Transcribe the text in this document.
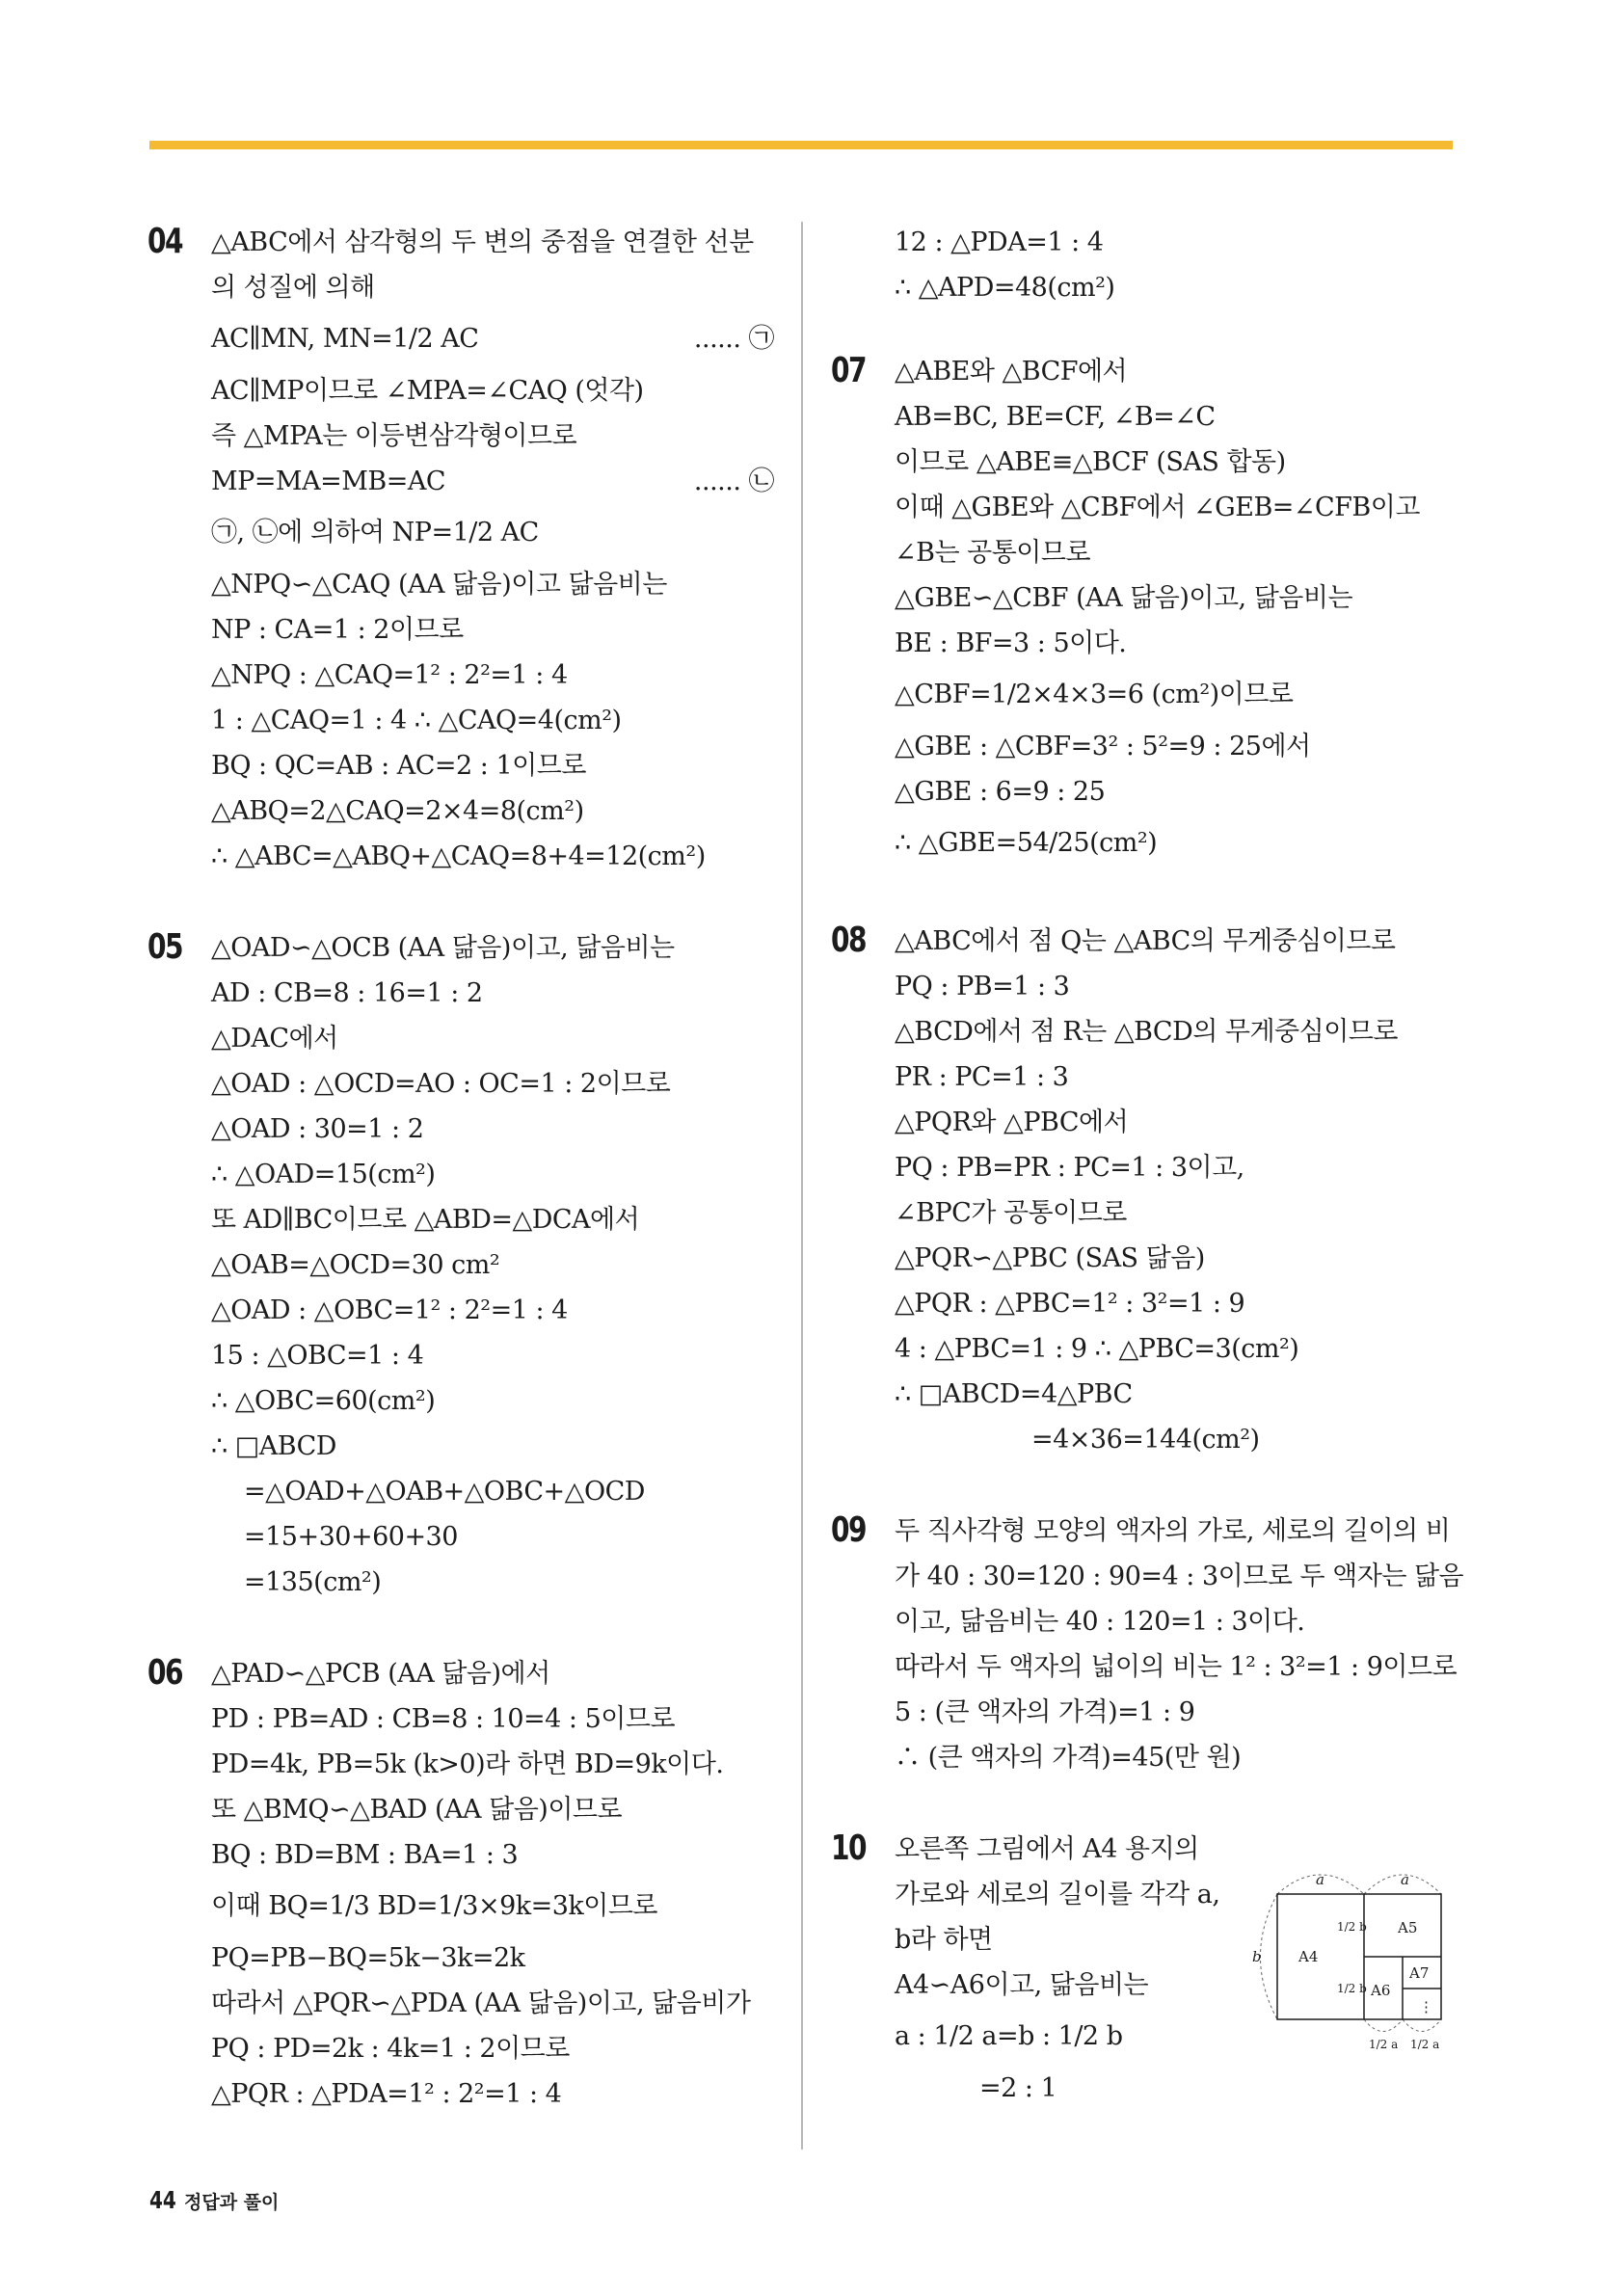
04 △ABC에서 삼각형의 두 변의 중점을 연결한 선분
의 성질에 의해
...... ㉠
AC∥MN, MN=1/2 AC
AC∥MP이므로 ∠MPA=∠CAQ (엇각)
즉 △MPA는 이등변삼각형이므로
...... ㉡
MP=MA=MB=AC
㉠, ㉡에 의하여 NP=1/2 AC
△NPQ∽△CAQ (AA 닮음)이고 닮음비는
NP : CA=1 : 2이므로
△NPQ : △CAQ=1² : 2²=1 : 4
1 : △CAQ=1 : 4 ∴ △CAQ=4(cm²)
BQ : QC=AB : AC=2 : 1이므로
△ABQ=2△CAQ=2×4=8(cm²)
∴ △ABC=△ABQ+△CAQ=8+4=12(cm²)
05 △OAD∽△OCB (AA 닮음)이고, 닮음비는
AD : CB=8 : 16=1 : 2
△DAC에서
△OAD : △OCD=AO : OC=1 : 2이므로
△OAD : 30=1 : 2
∴ △OAD=15(cm²)
또 AD∥BC이므로 △ABD=△DCA에서
△OAB=△OCD=30 cm²
△OAD : △OBC=1² : 2²=1 : 4
15 : △OBC=1 : 4
∴ △OBC=60(cm²)
∴ □ABCD
=△OAD+△OAB+△OBC+△OCD
=15+30+60+30
=135(cm²)
06 △PAD∽△PCB (AA 닮음)에서
PD : PB=AD : CB=8 : 10=4 : 5이므로
PD=4k, PB=5k (k>0)라 하면 BD=9k이다.
또 △BMQ∽△BAD (AA 닮음)이므로
BQ : BD=BM : BA=1 : 3
이때 BQ=1/3 BD=1/3×9k=3k이므로
PQ=PB−BQ=5k−3k=2k
따라서 △PQR∽△PDA (AA 닮음)이고, 닮음비가
PQ : PD=2k : 4k=1 : 2이므로
△PQR : △PDA=1² : 2²=1 : 4
12 : △PDA=1 : 4
∴ △APD=48(cm²)
07 △ABE와 △BCF에서
AB=BC, BE=CF, ∠B=∠C
이므로 △ABE≡△BCF (SAS 합동)
이때 △GBE와 △CBF에서 ∠GEB=∠CFB이고
∠B는 공통이므로
△GBE∽△CBF (AA 닮음)이고, 닮음비는
BE : BF=3 : 5이다.
△CBF=1/2×4×3=6 (cm²)이므로
△GBE : △CBF=3² : 5²=9 : 25에서
△GBE : 6=9 : 25
∴ △GBE=54/25(cm²)
08 △ABC에서 점 Q는 △ABC의 무게중심이므로
PQ : PB=1 : 3
△BCD에서 점 R는 △BCD의 무게중심이므로
PR : PC=1 : 3
△PQR와 △PBC에서
PQ : PB=PR : PC=1 : 3이고,
∠BPC가 공통이므로
△PQR∽△PBC (SAS 닮음)
△PQR : △PBC=1² : 3²=1 : 9
4 : △PBC=1 : 9 ∴ △PBC=3(cm²)
∴ □ABCD=4△PBC
=4×36=144(cm²)
09 두 직사각형 모양의 액자의 가로, 세로의 길이의 비
가 40 : 30=120 : 90=4 : 3이므로 두 액자는 닮음
이고, 닮음비는 40 : 120=1 : 3이다.
따라서 두 액자의 넓이의 비는 1² : 3²=1 : 9이므로
5 : (큰 액자의 가격)=1 : 9
∴ (큰 액자의 가격)=45(만 원)
10 오른쪽 그림에서 A4 용지의
가로와 세로의 길이를 각각 a,
b라 하면
A4∽A6이고, 닮음비는
a : 1/2 a=b : 1/2 b
=2 : 1
a	a
b	A4
A5
A6
A7
⋮
1/2 b
1/2 b
1/2 a 1/2 a
44 정답과 풀이
